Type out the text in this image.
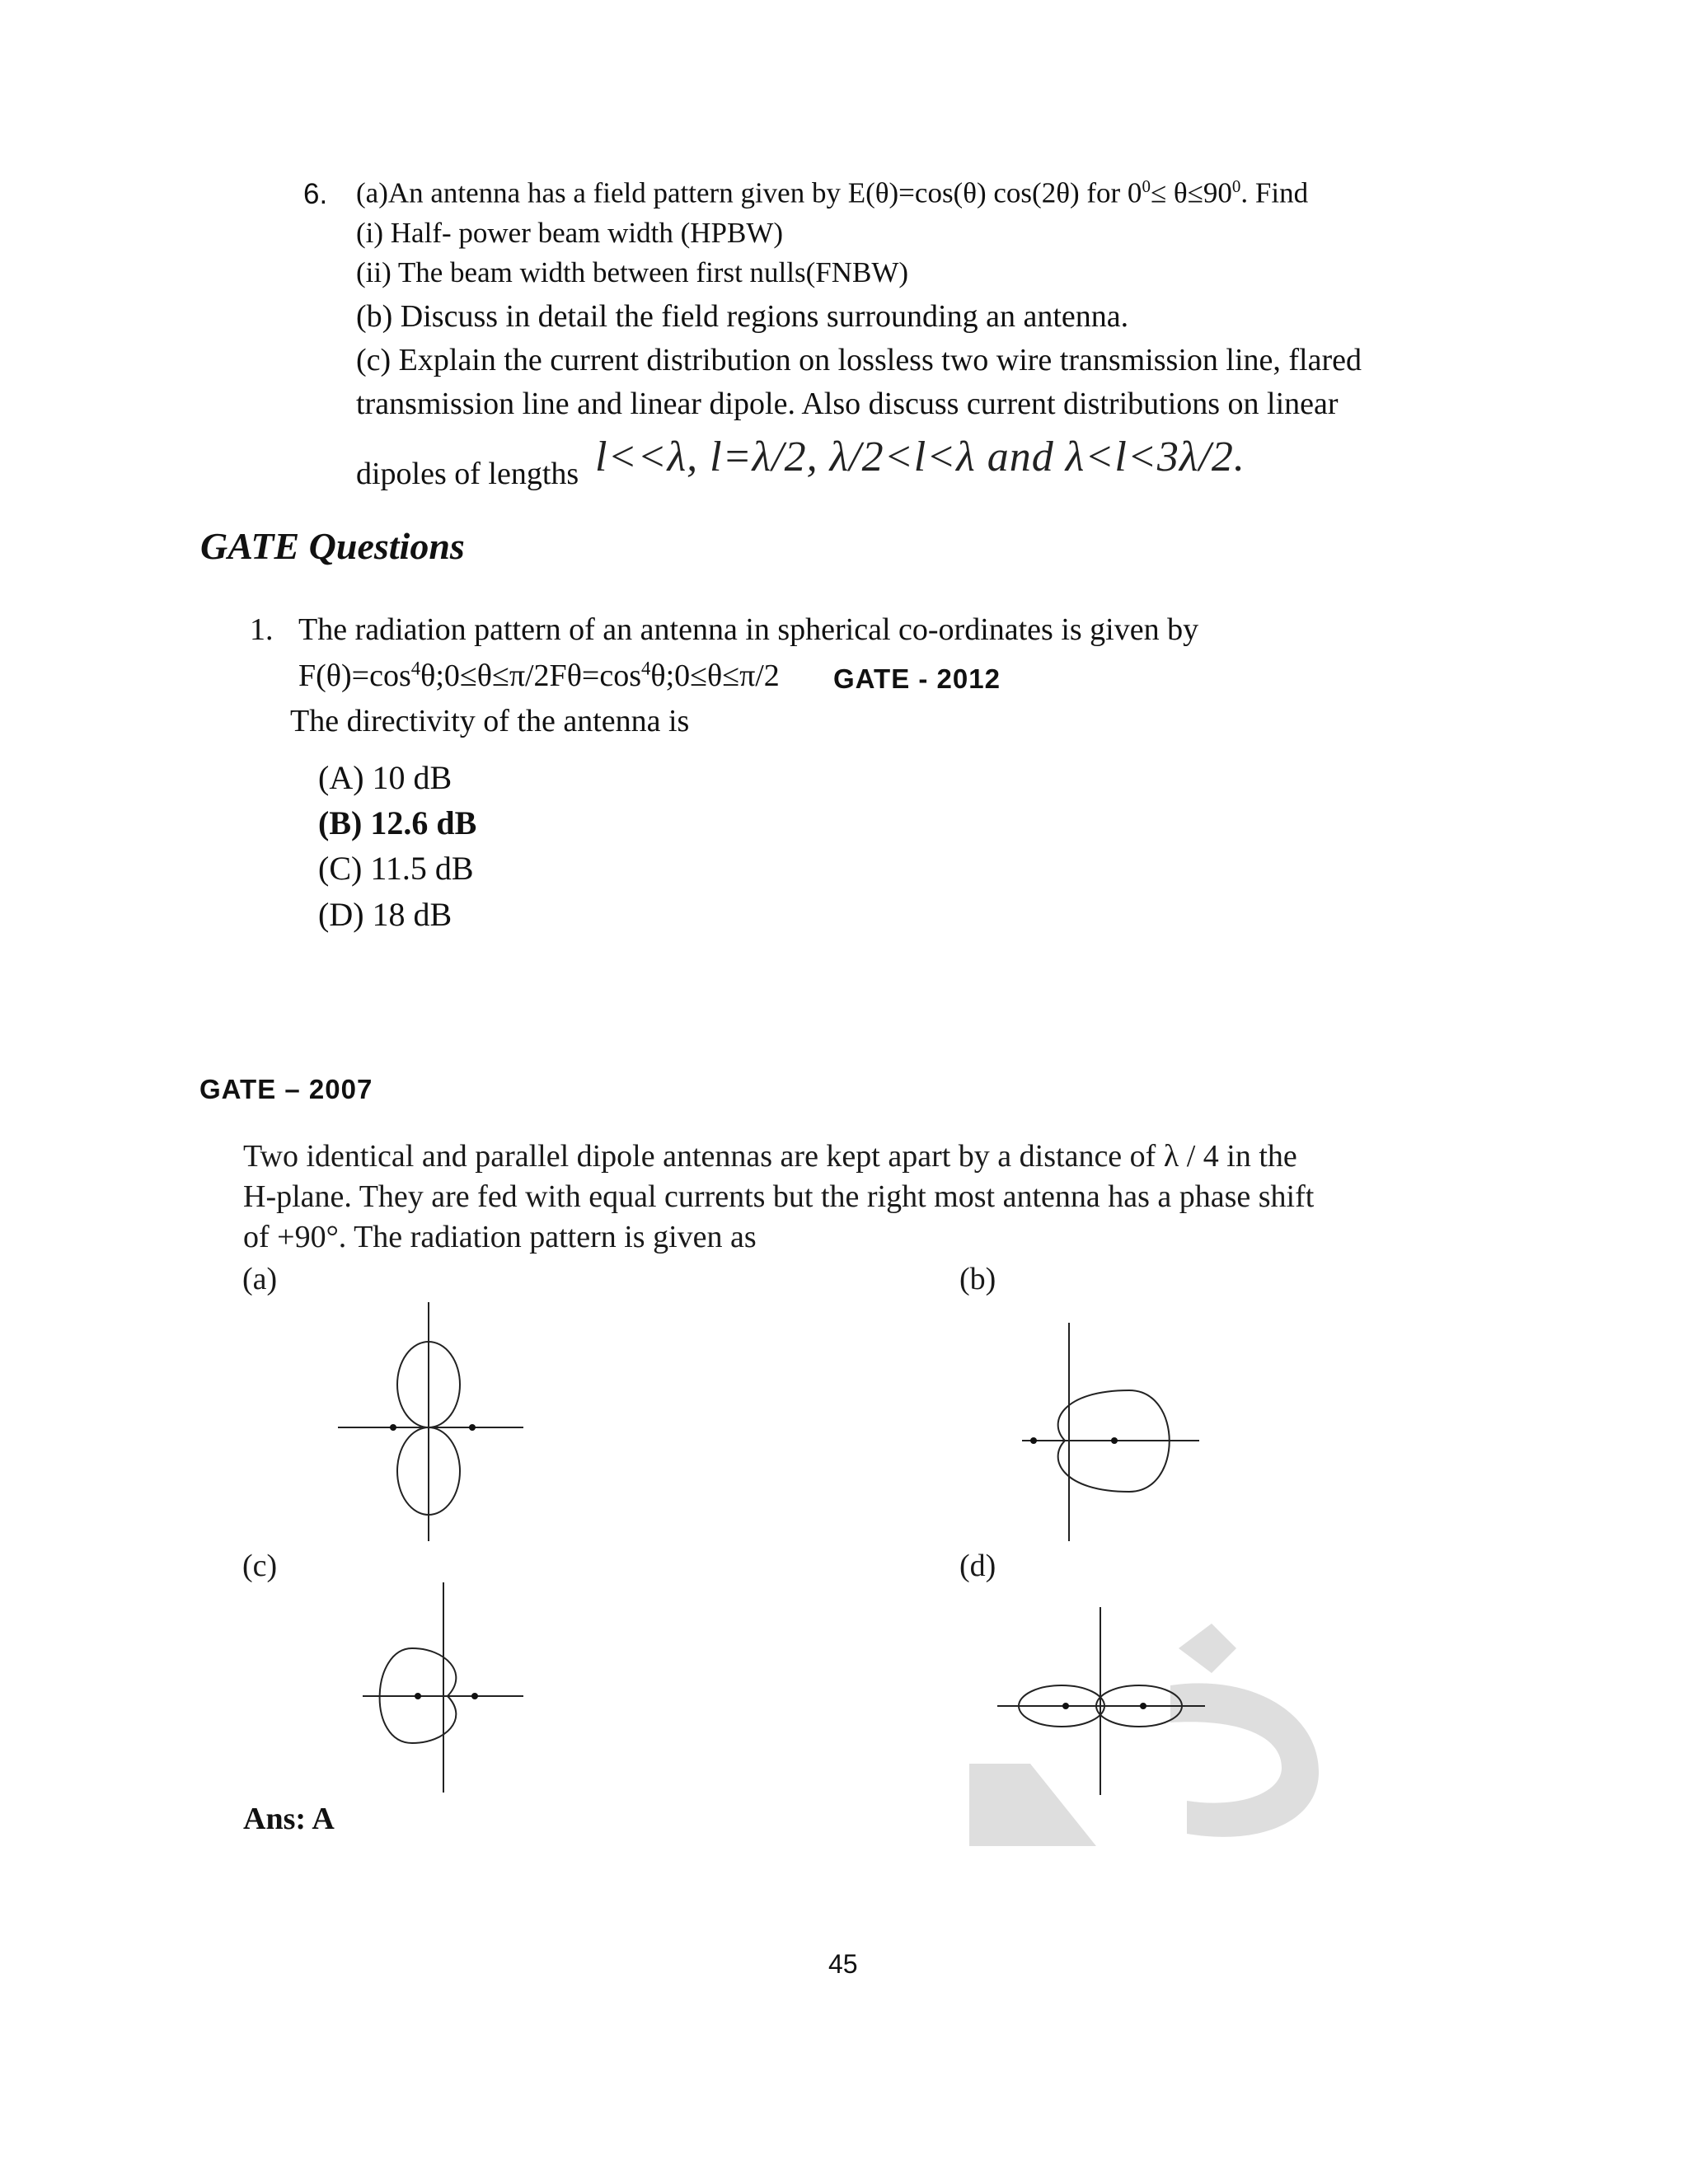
6. (a)An antenna has a field pattern given by E(θ)=cos(θ) cos(2θ) for $0^0\le \theta\le 90^0$. Find
(i) Half- power beam width (HPBW)
(ii) The beam width between first nulls(FNBW)
(b) Discuss in detail the field regions surrounding an antenna.
(c) Explain the current distribution on lossless two wire transmission line, flared
transmission line and linear dipole. Also discuss current distributions on linear
dipoles of lengths l<<λ, l=λ/2, λ/2<l<λ and λ<l<3λ/2.
GATE Questions
1. The radiation pattern of an antenna in spherical co-ordinates is given by
$F(\theta)=\cos^4\theta;0\le\theta\le\pi/2F\theta=\cos^4\theta;0\le\theta\le\pi/2$ GATE - 2012
The directivity of the antenna is
(A) 10 dB
(B) 12.6 dB
(C) 11.5 dB
(D) 18 dB
GATE – 2007
Two identical and parallel dipole antennas are kept apart by a distance of λ / 4 in the
H-plane. They are fed with equal currents but the right most antenna has a phase shift
of +90°. The radiation pattern is given as
(a)	(b)
(c)	(d)
Ans: A
45
